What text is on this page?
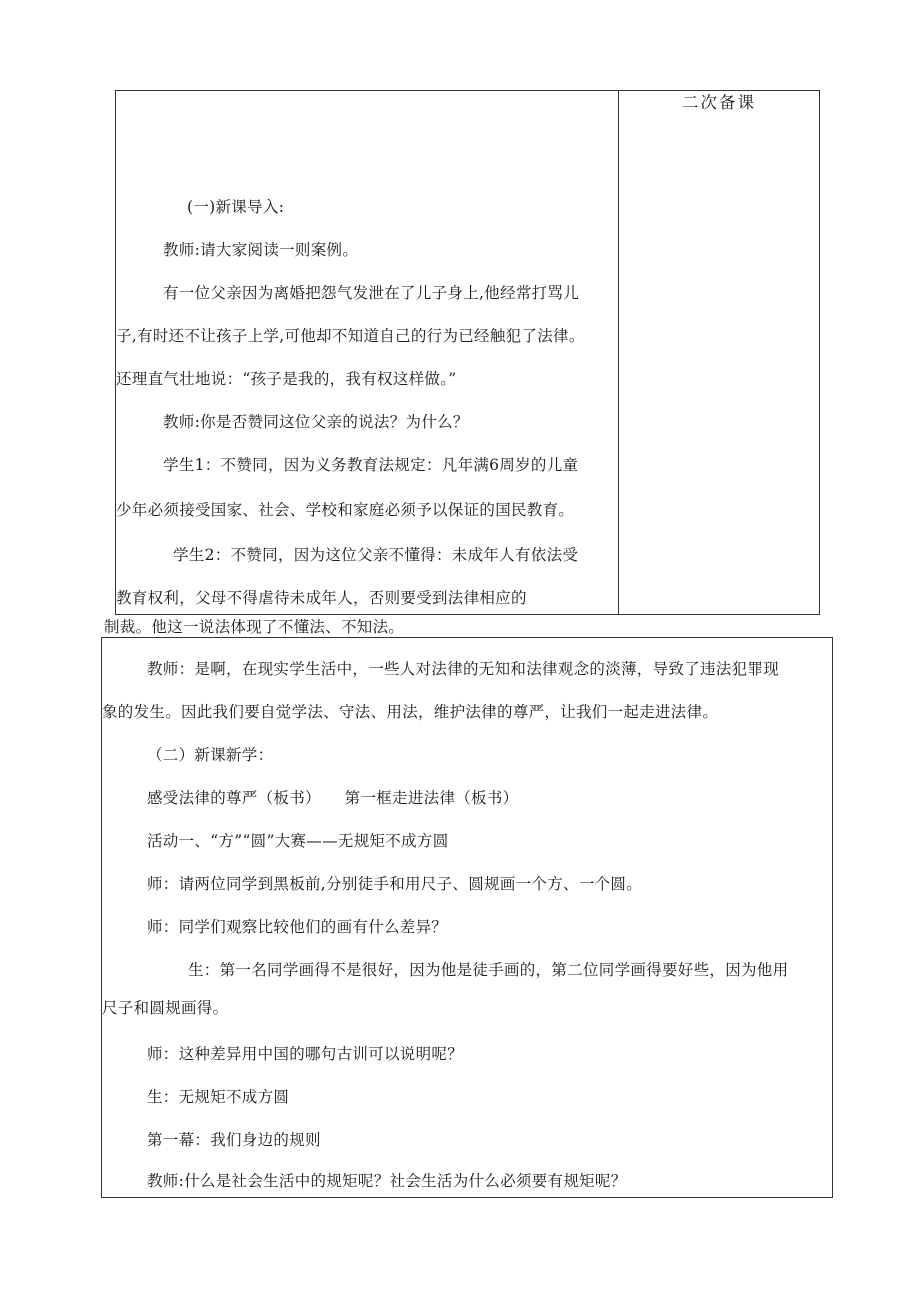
二次备课
(一)新课导入:
教师:请大家阅读一则案例。
有一位父亲因为离婚把怨气发泄在了儿子身上,他经常打骂儿
子,有时还不让孩子上学,可他却不知道自己的行为已经触犯了法律。
还理直气壮地说：“孩子是我的，我有权这样做。”
教师:你是否赞同这位父亲的说法？为什么？
学生1：不赞同，因为义务教育法规定：凡年满6周岁的儿童
少年必须接受国家、社会、学校和家庭必须予以保证的国民教育。
学生2：不赞同，因为这位父亲不懂得：未成年人有依法受
教育权利，父母不得虐待未成年人，否则要受到法律相应的
制裁。他这一说法体现了不懂法、不知法。
教师：是啊，在现实学生活中，一些人对法律的无知和法律观念的淡薄，导致了违法犯罪现
象的发生。因此我们要自觉学法、守法、用法，维护法律的尊严，让我们一起走进法律。
（二）新课新学：
感受法律的尊严（板书）　　第一框走进法律（板书）
活动一、“方”“圆”大赛——无规矩不成方圆
师：请两位同学到黑板前,分别徒手和用尺子、圆规画一个方、一个圆。
师：同学们观察比较他们的画有什么差异？
生：第一名同学画得不是很好，因为他是徒手画的，第二位同学画得要好些，因为他用
尺子和圆规画得。
师：这种差异用中国的哪句古训可以说明呢？
生：无规矩不成方圆
第一幕：我们身边的规则
教师:什么是社会生活中的规矩呢？社会生活为什么必须要有规矩呢？
